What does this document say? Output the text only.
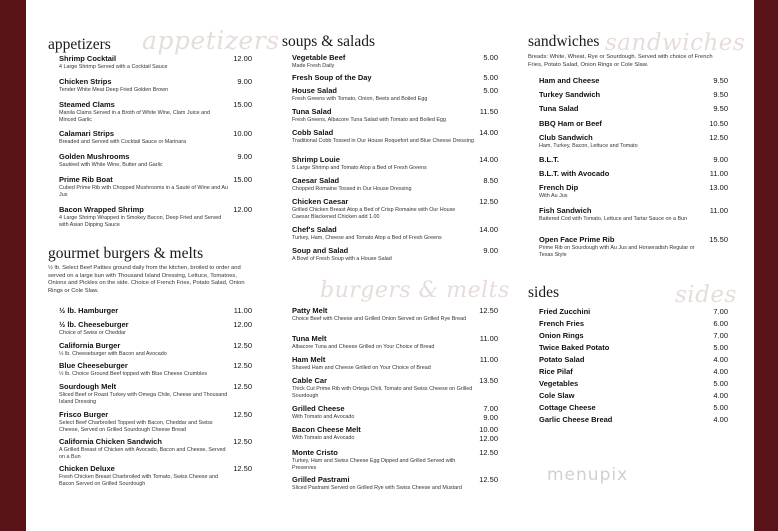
appetizers
appetizers
Shrimp Cocktail	12.00
4 Large Shrimp Served with a Cocktail Sauce
Chicken Strips	9.00
Tender White Meat Deep Fried Golden Brown
Steamed Clams	15.00
Manila Clams Served in a Broth of White Wine, Clam Juice and Minced Garlic
Calamari Strips	10.00
Breaded and Served with Cocktail Sauce or Marinara
Golden Mushrooms	9.00
Sautéed with White Wine, Butter and Garlic
Prime Rib Boat	15.00
Cubed Prime Rib with Chopped Mushrooms in a Sauté of Wine and Au Jus
Bacon Wrapped Shrimp	12.00
4 Large Shrimp Wrapped in Smokey Bacon, Deep Fried and Served with Asian Dipping Sauce
gourmet burgers & melts
½ lb. Select Beef Patties ground daily from the kitchen, broiled to order and served on a large bun with Thousand Island Dressing, Lettuce, Tomatoes, Onions and Pickles on the side. Choice of French Fries, Potato Salad, Onion Rings or Cole Slaw.
½ lb. Hamburger	11.00
½ lb. Cheeseburger	12.00
Choice of Swiss or Cheddar
California Burger	12.50
½ lb. Cheeseburger with Bacon and Avocado
Blue Cheeseburger	12.50
½ lb. Choice Ground Beef topped with Blue Cheese Crumbles
Sourdough Melt	12.50
Sliced Beef or Roast Turkey with Omega Chile, Cheese and Thousand Island Dressing
Frisco Burger	12.50
Select Beef Charbroiled Topped with Bacon, Cheddar and Swiss Cheese, Served on Grilled Sourdough Cheese Bread
California Chicken Sandwich	12.50
A Grilled Breast of Chicken with Avocado, Bacon and Cheese, Served on a Bun
Chicken Deluxe	12.50
Fresh Chicken Breast Charbroiled with Tomato, Swiss Cheese and Bacon Served on Grilled Sourdough
soups & salads
Vegetable Beef	5.00
Made Fresh Daily
Fresh Soup of the Day	5.00
House Salad	5.00
Fresh Greens with Tomato, Onion, Beets and Boiled Egg
Tuna Salad	11.50
Fresh Greens, Albacore Tuna Salad with Tomato and Boiled Egg
Cobb Salad	14.00
Traditional Cobb Tossed in Our House Roquefort and Blue Cheese Dressing
Shrimp Louie	14.00
5 Large Shrimp and Tomato Atop a Bed of Fresh Greens
Caesar Salad	8.50
Chopped Romaine Tossed in Our House Dressing
Chicken Caesar	12.50
Grilled Chicken Breast Atop a Bed of Crisp Romaine with Our House Caesar Blackened Chicken add 1.00
Chef's Salad	14.00
Turkey, Ham, Cheese and Tomato Atop a Bed of Fresh Greens
Soup and Salad	9.00
A Bowl of Fresh Soup with a House Salad
burgers & melts
Patty Melt	12.50
Choice Beef with Cheese and Grilled Onion Served on Grilled Rye Bread
Tuna Melt	11.00
Albacore Tuna and Cheese Grilled on Your Choice of Bread
Ham Melt	11.00
Shaved Ham and Cheese Grilled on Your Choice of Bread
Cable Car	13.50
Thick Cut Prime Rib with Ortega Chili, Tomato and Swiss Cheese on Grilled Sourdough
Grilled Cheese	7.00
9.00
With Tomato and Avocado
Bacon Cheese Melt	10.00
12.00
With Tomato and Avocado
Monte Cristo	12.50
Turkey, Ham and Swiss Cheese Egg Dipped and Grilled Served with Preserves
Grilled Pastrami	12.50
Sliced Pastrami Served on Grilled Rye with Swiss Cheese and Mustard
sandwiches
sandwiches
Breads: White, Wheat, Rye or Sourdough. Served with choice of French Fries, Potato Salad, Onion Rings or Cole Slaw.
Ham and Cheese	9.50
Turkey Sandwich	9.50
Tuna Salad	9.50
BBQ Ham or Beef	10.50
Club Sandwich	12.50
Ham, Turkey, Bacon, Lettuce and Tomato
B.L.T.	9.00
B.L.T. with Avocado	11.00
French Dip	13.00
With Au Jus
Fish Sandwich	11.00
Battered Cod with Tomato, Lettuce and Tartar Sauce on a Bun
Open Face Prime Rib	15.50
Prime Rib on Sourdough with Au Jus and Horseradish Regular or Texas Style
sides
sides
Fried Zucchini	7.00
French Fries	6.00
Onion Rings	7.00
Twice Baked Potato	5.00
Potato Salad	4.00
Rice Pilaf	4.00
Vegetables	5.00
Cole Slaw	4.00
Cottage Cheese	5.00
Garlic Cheese Bread	4.00
menupix
